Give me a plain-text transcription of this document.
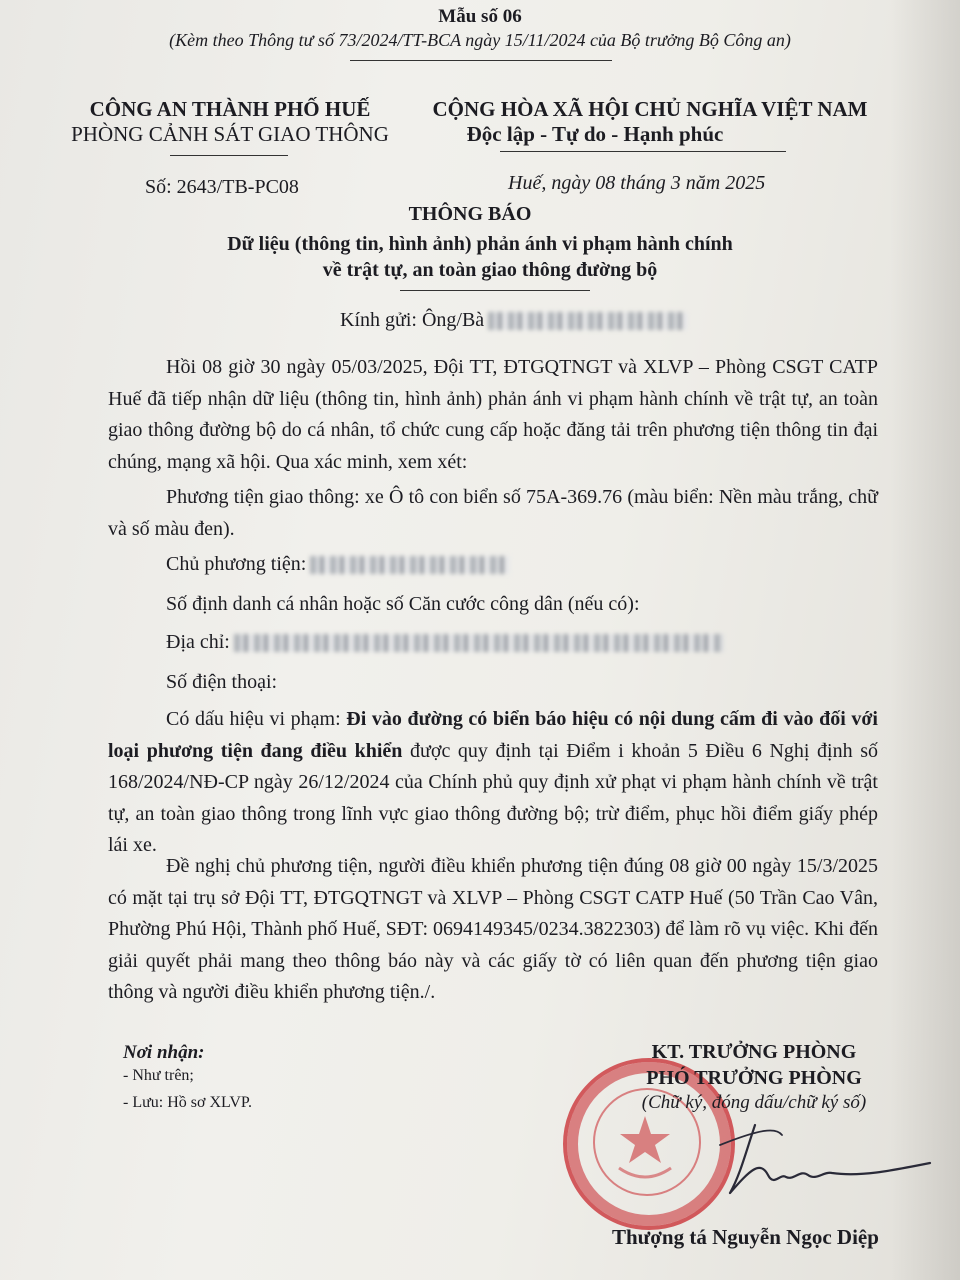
Mẫu số 06
(Kèm theo Thông tư số 73/2024/TT-BCA ngày 15/11/2024 của Bộ trưởng Bộ Công an)
CÔNG AN THÀNH PHỐ HUẾ
PHÒNG CẢNH SÁT GIAO THÔNG
Số: 2643/TB-PC08
CỘNG HÒA XÃ HỘI CHỦ NGHĨA VIỆT NAM
Độc lập - Tự do - Hạnh phúc
Huế, ngày 08 tháng 3 năm 2025
THÔNG BÁO
Dữ liệu (thông tin, hình ảnh) phản ánh vi phạm hành chính
về trật tự, an toàn giao thông đường bộ
Kính gửi: Ông/Bà
Hồi 08 giờ 30 ngày 05/03/2025, Đội TT, ĐTGQTNGT và XLVP – Phòng CSGT CATP Huế đã tiếp nhận dữ liệu (thông tin, hình ảnh) phản ánh vi phạm hành chính về trật tự, an toàn giao thông đường bộ do cá nhân, tổ chức cung cấp hoặc đăng tải trên phương tiện thông tin đại chúng, mạng xã hội. Qua xác minh, xem xét:
Phương tiện giao thông: xe Ô tô con biển số 75A-369.76 (màu biển: Nền màu trắng, chữ và số màu đen).
Chủ phương tiện:
Số định danh cá nhân hoặc số Căn cước công dân (nếu có):
Địa chỉ:
Số điện thoại:
Có dấu hiệu vi phạm: Đi vào đường có biển báo hiệu có nội dung cấm đi vào đối với loại phương tiện đang điều khiển được quy định tại Điểm i khoản 5 Điều 6 Nghị định số 168/2024/NĐ-CP ngày 26/12/2024 của Chính phủ quy định xử phạt vi phạm hành chính về trật tự, an toàn giao thông trong lĩnh vực giao thông đường bộ; trừ điểm, phục hồi điểm giấy phép lái xe.
Đề nghị chủ phương tiện, người điều khiển phương tiện đúng 08 giờ 00 ngày 15/3/2025 có mặt tại trụ sở Đội TT, ĐTGQTNGT và XLVP – Phòng CSGT CATP Huế (50 Trần Cao Vân, Phường Phú Hội, Thành phố Huế, SĐT: 0694149345/0234.3822303) để làm rõ vụ việc. Khi đến giải quyết phải mang theo thông báo này và các giấy tờ có liên quan đến phương tiện giao thông và người điều khiển phương tiện./.
Nơi nhận:
- Như trên;
- Lưu: Hồ sơ XLVP.
KT. TRƯỞNG PHÒNG
PHÓ TRƯỞNG PHÒNG
(Chữ ký, đóng dấu/chữ ký số)
Thượng tá Nguyễn Ngọc Diệp
